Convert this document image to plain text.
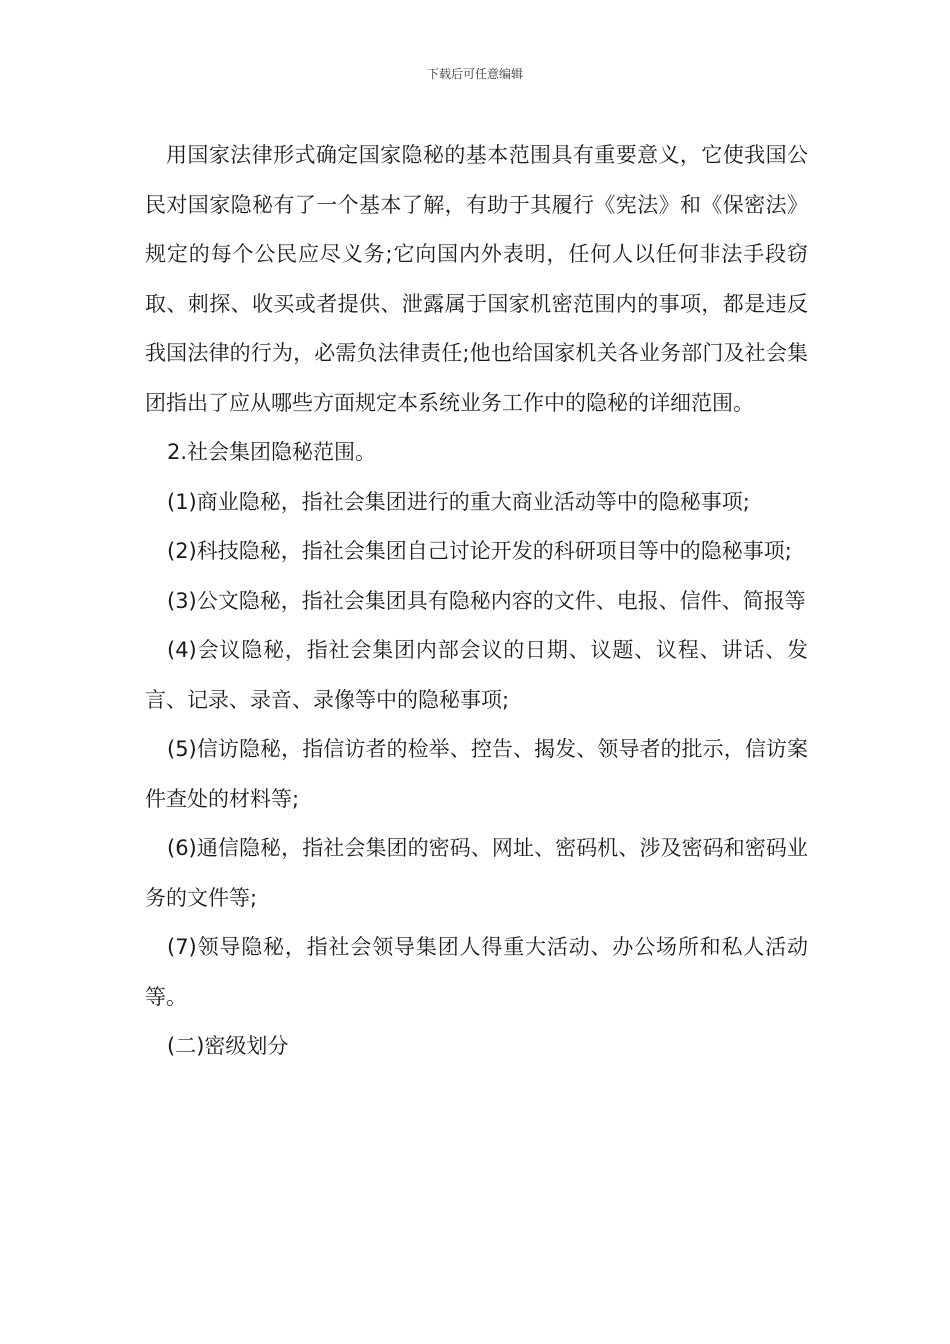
下载后可任意编辑

用国家法律形式确定国家隐秘的基本范围具有重要意义，它使我国公民对国家隐秘有了一个基本了解，有助于其履行《宪法》和《保密法》规定的每个公民应尽义务;它向国内外表明，任何人以任何非法手段窃取、刺探、收买或者提供、泄露属于国家机密范围内的事项，都是违反我国法律的行为，必需负法律责任;他也给国家机关各业务部门及社会集团指出了应从哪些方面规定本系统业务工作中的隐秘的详细范围。

2.社会集团隐秘范围。

(1)商业隐秘，指社会集团进行的重大商业活动等中的隐秘事项;

(2)科技隐秘，指社会集团自己讨论开发的科研项目等中的隐秘事项;

(3)公文隐秘，指社会集团具有隐秘内容的文件、电报、信件、简报等

(4)会议隐秘，指社会集团内部会议的日期、议题、议程、讲话、发言、记录、录音、录像等中的隐秘事项;

(5)信访隐秘，指信访者的检举、控告、揭发、领导者的批示，信访案件查处的材料等;

(6)通信隐秘，指社会集团的密码、网址、密码机、涉及密码和密码业务的文件等;

(7)领导隐秘，指社会领导集团人得重大活动、办公场所和私人活动等。

(二)密级划分
